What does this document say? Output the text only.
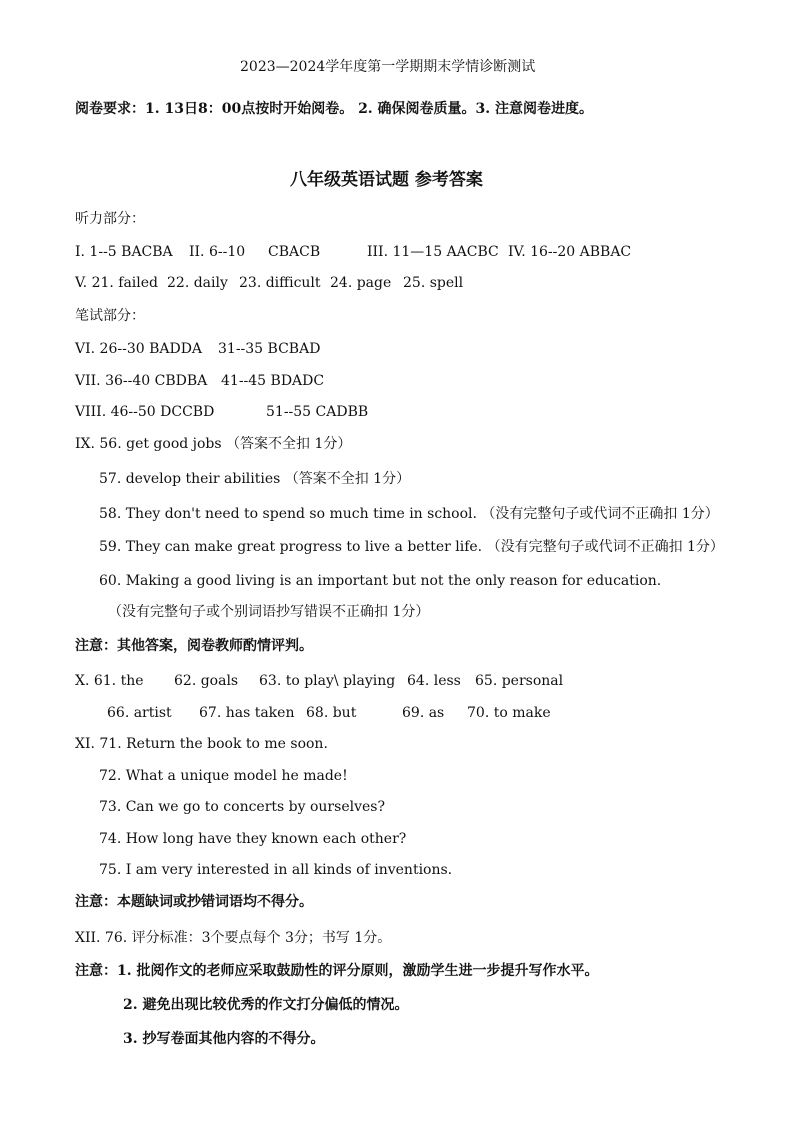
2023—2024学年度第一学期期末学情诊断测试
阅卷要求：1. 13日8：00点按时开始阅卷。 2. 确保阅卷质量。3. 注意阅卷进度。
八年级英语试题 参考答案
听力部分：
I. 1--5 BACBA II. 6--10 CBACB	III. 11—15 AACBC IV. 16--20 ABBAC
V. 21. failed 22. daily 23. difficult 24. page 25. spell
笔试部分：
VI. 26--30 BADDA 31--35 BCBAD
VII. 36--40 CBDBA 41--45 BDADC
VIII. 46--50 DCCBD	51--55 CADBB
IX. 56. get good jobs （答案不全扣 1分）
57. develop their abilities （答案不全扣 1分）
58. They don't need to spend so much time in school. （没有完整句子或代词不正确扣 1分）
59. They can make great progress to live a better life. （没有完整句子或代词不正确扣 1分）
60. Making a good living is an important but not the only reason for education.
（没有完整句子或个别词语抄写错误不正确扣 1分）
注意：其他答案，阅卷教师酌情评判。
X. 61. the 62. goals 63. to play\ playing 64. less 65. personal
66. artist 67. has taken 68. but	69. as 70. to make
XI. 71. Return the book to me soon.
72. What a unique model he made!
73. Can we go to concerts by ourselves?
74. How long have they known each other?
75. I am very interested in all kinds of inventions.
注意：本题缺词或抄错词语均不得分。
XII. 76. 评分标准：3个要点每个 3分；书写 1分。
注意：1. 批阅作文的老师应采取鼓励性的评分原则，激励学生进一步提升写作水平。
2. 避免出现比较优秀的作文打分偏低的情况。
3. 抄写卷面其他内容的不得分。
